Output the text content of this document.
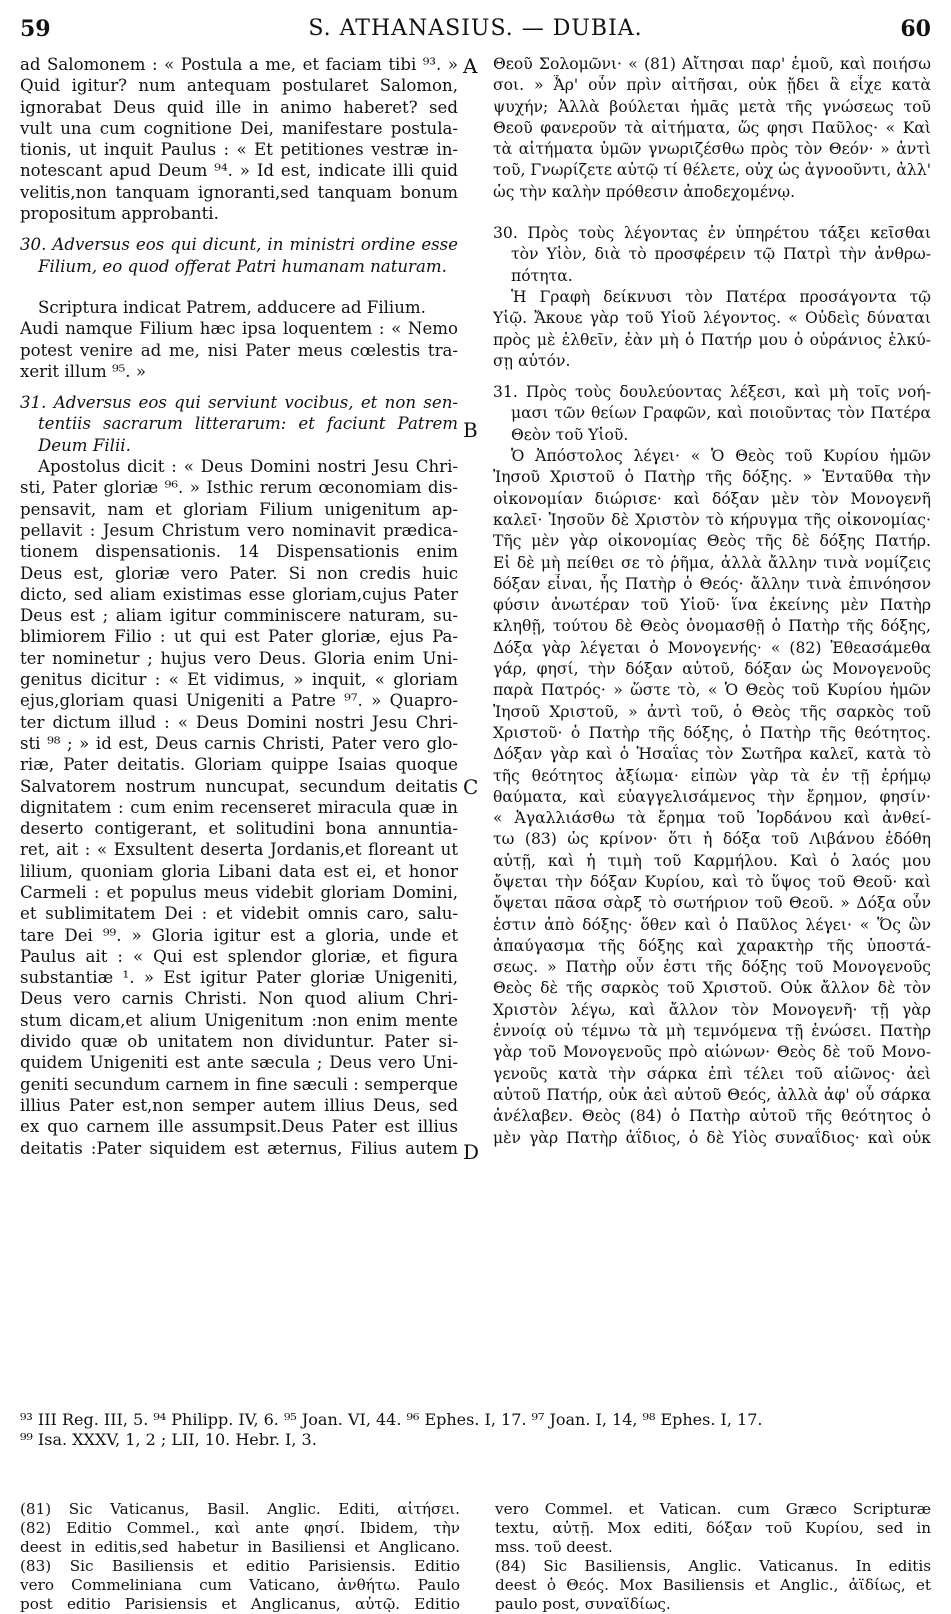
59	S. ATHANASIUS. — DUBIA.	60
ad Salomonem : « Postula a me, et faciam tibi ⁹³. »
Quid igitur? num antequam postularet Salomon,
ignorabat Deus quid ille in animo haberet? sed
vult una cum cognitione Dei, manifestare postula-
tionis, ut inquit Paulus : « Et petitiones vestræ in-
notescant apud Deum ⁹⁴. » Id est, indicate illi quid
velitis,non tanquam ignoranti,sed tanquam bonum
propositum approbanti.
30. Adversus eos qui dicunt, in ministri ordine esse
Filium, eo quod offerat Patri humanam naturam.
Scriptura indicat Patrem, adducere ad Filium.
Audi namque Filium hæc ipsa loquentem : « Nemo
potest venire ad me, nisi Pater meus cœlestis tra-
xerit illum ⁹⁵. »
31. Adversus eos qui serviunt vocibus, et non sen-
tentiis sacrarum litterarum: et faciunt Patrem
Deum Filii.
Apostolus dicit : « Deus Domini nostri Jesu Chri-
sti, Pater gloriæ ⁹⁶. » Isthic rerum œconomiam dis-
pensavit, nam et gloriam Filium unigenitum ap-
pellavit : Jesum Christum vero nominavit prædica-
tionem dispensationis. 14 Dispensationis enim
Deus est, gloriæ vero Pater. Si non credis huic
dicto, sed aliam existimas esse gloriam,cujus Pater
Deus est ; aliam igitur comminiscere naturam, su-
blimiorem Filio : ut qui est Pater gloriæ, ejus Pa-
ter nominetur ; hujus vero Deus. Gloria enim Uni-
genitus dicitur : « Et vidimus, » inquit, « gloriam
ejus,gloriam quasi Unigeniti a Patre ⁹⁷. » Quapro-
ter dictum illud : « Deus Domini nostri Jesu Chri-
sti ⁹⁸ ; » id est, Deus carnis Christi, Pater vero glo-
riæ, Pater deitatis. Gloriam quippe Isaias quoque
Salvatorem nostrum nuncupat, secundum deitatis
dignitatem : cum enim recenseret miracula quæ in
deserto contigerant, et solitudini bona annuntia-
ret, ait : « Exsultent deserta Jordanis,et floreant ut
lilium, quoniam gloria Libani data est ei, et honor
Carmeli : et populus meus videbit gloriam Domini,
et sublimitatem Dei : et videbit omnis caro, salu-
tare Dei ⁹⁹. » Gloria igitur est a gloria, unde et
Paulus ait : « Qui est splendor gloriæ, et figura
substantiæ ¹. » Est igitur Pater gloriæ Unigeniti,
Deus vero carnis Christi. Non quod alium Chri-
stum dicam,et alium Unigenitum :non enim mente
divido quæ ob unitatem non dividuntur. Pater si-
quidem Unigeniti est ante sæcula ; Deus vero Uni-
geniti secundum carnem in fine sæculi : semperque
illius Pater est,non semper autem illius Deus, sed
ex quo carnem ille assumpsit.Deus Pater est illius
deitatis :Pater siquidem est æternus, Filius autem
A
B
C
D
Θεοῦ Σολομῶνι· « (81) Αἴτησαι παρ' ἐμοῦ, καὶ ποιήσω
σοι. » Ἆρ' οὖν πρὶν αἰτῆσαι, οὐκ ᾔδει ἃ εἶχε κατὰ
ψυχήν; Ἀλλὰ βούλεται ἡμᾶς μετὰ τῆς γνώσεως τοῦ
Θεοῦ φανεροῦν τὰ αἰτήματα, ὥς φησι Παῦλος· « Καὶ
τὰ αἰτήματα ὑμῶν γνωριζέσθω πρὸς τὸν Θεόν· » ἀντὶ
τοῦ, Γνωρίζετε αὐτῷ τί θέλετε, οὐχ ὡς ἀγνοοῦντι, ἀλλ'
ὡς τὴν καλὴν πρόθεσιν ἀποδεχομένῳ.
30. Πρὸς τοὺς λέγοντας ἐν ὑπηρέτου τάξει κεῖσθαι
τὸν Υἱὸν, διὰ τὸ προσφέρειν τῷ Πατρὶ τὴν ἀνθρω-
πότητα.
Ἡ Γραφὴ δείκνυσι τὸν Πατέρα προσάγοντα τῷ
Υἱῷ. Ἄκουε γὰρ τοῦ Υἱοῦ λέγοντος. « Οὐδεὶς δύναται
πρὸς μὲ ἐλθεῖν, ἐὰν μὴ ὁ Πατήρ μου ὁ οὐράνιος ἑλκύ-
σῃ αὐτόν.
31. Πρὸς τοὺς δουλεύοντας λέξεσι, καὶ μὴ τοῖς νοή-
μασι τῶν θείων Γραφῶν, καὶ ποιοῦντας τὸν Πατέρα
Θεὸν τοῦ Υἱοῦ.
Ὁ Ἀπόστολος λέγει· « Ὁ Θεὸς τοῦ Κυρίου ἡμῶν
Ἰησοῦ Χριστοῦ ὁ Πατὴρ τῆς δόξης. » Ἐνταῦθα τὴν
οἰκονομίαν διώρισε· καὶ δόξαν μὲν τὸν Μονογενῆ
καλεῖ· Ἰησοῦν δὲ Χριστὸν τὸ κήρυγμα τῆς οἰκονομίας·
Τῆς μὲν γὰρ οἰκονομίας Θεὸς τῆς δὲ δόξης Πατήρ.
Εἰ δὲ μὴ πείθει σε τὸ ῥῆμα, ἀλλὰ ἄλλην τινὰ νομίζεις
δόξαν εἶναι, ἧς Πατὴρ ὁ Θεός· ἄλλην τινὰ ἐπινόησον
φύσιν ἀνωτέραν τοῦ Υἱοῦ· ἵνα ἐκείνης μὲν Πατὴρ
κληθῇ, τούτου δὲ Θεὸς ὀνομασθῇ ὁ Πατὴρ τῆς δόξης,
Δόξα γὰρ λέγεται ὁ Μονογενής· « (82) Ἐθεασάμεθα
γάρ, φησί, τὴν δόξαν αὐτοῦ, δόξαν ὡς Μονογενοῦς
παρὰ Πατρός· » ὥστε τὸ, « Ὁ Θεὸς τοῦ Κυρίου ἡμῶν
Ἰησοῦ Χριστοῦ, » ἀντὶ τοῦ, ὁ Θεὸς τῆς σαρκὸς τοῦ
Χριστοῦ· ὁ Πατὴρ τῆς δόξης, ὁ Πατὴρ τῆς θεότητος.
Δόξαν γὰρ καὶ ὁ Ἡσαΐας τὸν Σωτῆρα καλεῖ, κατὰ τὸ
τῆς θεότητος ἀξίωμα· εἰπὼν γὰρ τὰ ἐν τῇ ἐρήμῳ
θαύματα, καὶ εὐαγγελισάμενος τὴν ἔρημον, φησίν·
« Ἀγαλλιάσθω τὰ ἔρημα τοῦ Ἰορδάνου καὶ ἀνθεί-
τω (83) ὡς κρίνον· ὅτι ἡ δόξα τοῦ Λιβάνου ἐδόθη
αὐτῇ, καὶ ἡ τιμὴ τοῦ Καρμήλου. Καὶ ὁ λαός μου
ὄψεται τὴν δόξαν Κυρίου, καὶ τὸ ὕψος τοῦ Θεοῦ· καὶ
ὄψεται πᾶσα σὰρξ τὸ σωτήριον τοῦ Θεοῦ. » Δόξα οὖν
ἐστιν ἀπὸ δόξης· ὅθεν καὶ ὁ Παῦλος λέγει· « Ὅς ὢν
ἀπαύγασμα τῆς δόξης καὶ χαρακτὴρ τῆς ὑποστά-
σεως. » Πατὴρ οὖν ἐστι τῆς δόξης τοῦ Μονογενοῦς
Θεὸς δὲ τῆς σαρκὸς τοῦ Χριστοῦ. Οὐκ ἄλλον δὲ τὸν
Χριστὸν λέγω, καὶ ἄλλον τὸν Μονογενῆ· τῇ γὰρ
ἐννοίᾳ οὐ τέμνω τὰ μὴ τεμνόμενα τῇ ἑνώσει. Πατὴρ
γὰρ τοῦ Μονογενοῦς πρὸ αἰώνων· Θεὸς δὲ τοῦ Μονο-
γενοῦς κατὰ τὴν σάρκα ἐπὶ τέλει τοῦ αἰῶνος· ἀεὶ
αὐτοῦ Πατήρ, οὐκ ἀεὶ αὐτοῦ Θεός, ἀλλὰ ἀφ' οὗ σάρκα
ἀνέλαβεν. Θεὸς (84) ὁ Πατὴρ αὐτοῦ τῆς θεότητος ὁ
μὲν γὰρ Πατὴρ ἀΐδιος, ὁ δὲ Υἱὸς συναΐδιος· καὶ οὐκ
⁹³ III Reg. III, 5. ⁹⁴ Philipp. IV, 6. ⁹⁵ Joan. VI, 44. ⁹⁶ Ephes. I, 17. ⁹⁷ Joan. I, 14, ⁹⁸ Ephes. I, 17.
⁹⁹ Isa. XXXV, 1, 2 ; LII, 10. Hebr. I, 3.
(81) Sic Vaticanus, Basil. Anglic. Editi, αἰτήσει.
(82) Editio Commel., καὶ ante φησί. Ibidem, τὴν
deest in editis,sed habetur in Basiliensi et Anglicano.
(83) Sic Basiliensis et editio Parisiensis. Editio
vero Commeliniana cum Vaticano, ἀνθήτω. Paulo
post editio Parisiensis et Anglicanus, αὐτῷ. Editio
vero Commel. et Vatican. cum Græco Scripturæ
textu, αὐτῇ. Mox editi, δόξαν τοῦ Κυρίου, sed in
mss. τοῦ deest.
(84) Sic Basiliensis, Anglic. Vaticanus. In editis
deest ὁ Θεός. Mox Basiliensis et Anglic., ἀϊδίως, et
paulo post, συναϊδίως.
